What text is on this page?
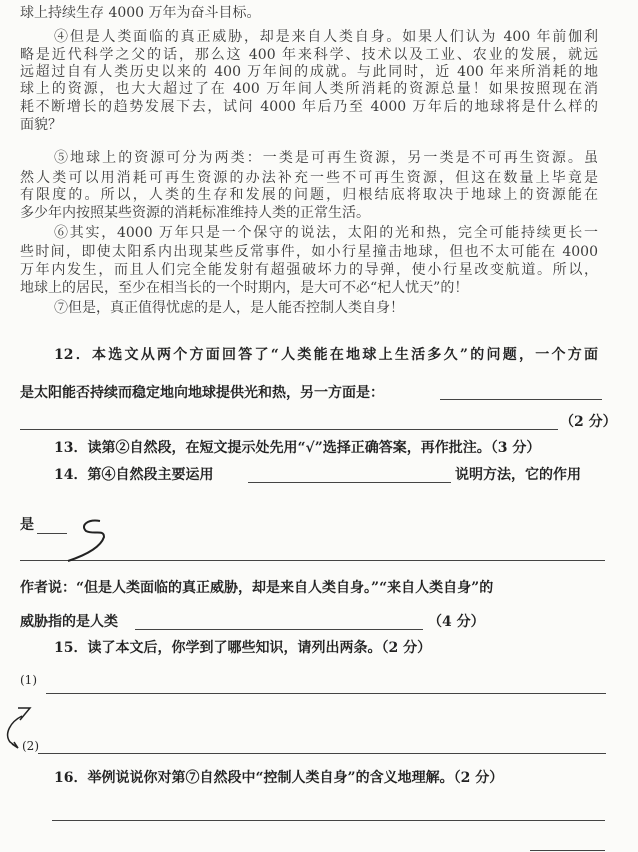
球上持续生存 4000 万年为奋斗目标。
④但是人类面临的真正威胁，却是来自人类自身。如果人们认为 400 年前伽利
略是近代科学之父的话，那么这 400 年来科学、技术以及工业、农业的发展，就远
远超过自有人类历史以来的 400 万年间的成就。与此同时，近 400 年来所消耗的地
球上的资源，也大大超过了在 400 万年间人类所消耗的资源总量！如果按照现在消
耗不断增长的趋势发展下去，试问 4000 年后乃至 4000 万年后的地球将是什么样的
面貌？
⑤地球上的资源可分为两类：一类是可再生资源，另一类是不可再生资源。虽
然人类可以用消耗可再生资源的办法补充一些不可再生资源，但这在数量上毕竟是
有限度的。所以，人类的生存和发展的问题，归根结底将取决于地球上的资源能在
多少年内按照某些资源的消耗标准维持人类的正常生活。
⑥其实，4000 万年只是一个保守的说法，太阳的光和热，完全可能持续更长一
些时间，即使太阳系内出现某些反常事件，如小行星撞击地球，但也不太可能在 4000
万年内发生，而且人们完全能发射有超强破坏力的导弹，使小行星改变航道。所以，
地球上的居民，至少在相当长的一个时期内，是大可不必“杞人忧天”的！
⑦但是，真正值得忧虑的是人，是人能否控制人类自身！
12．本选文从两个方面回答了“人类能在地球上生活多久”的问题，一个方面
是太阳能否持续而稳定地向地球提供光和热，另一方面是：
（2 分）
13．读第②自然段，在短文提示处先用“√”选择正确答案，再作批注。（3 分）
14．第④自然段主要运用	说明方法，它的作用
是
作者说：“但是人类面临的真正威胁，却是来自人类自身。”“来自人类自身”的
威胁指的是人类	（4 分）
15．读了本文后，你学到了哪些知识，请列出两条。（2 分）
(1)
(2)
16．举例说说你对第⑦自然段中“控制人类自身”的含义地理解。（2 分）
